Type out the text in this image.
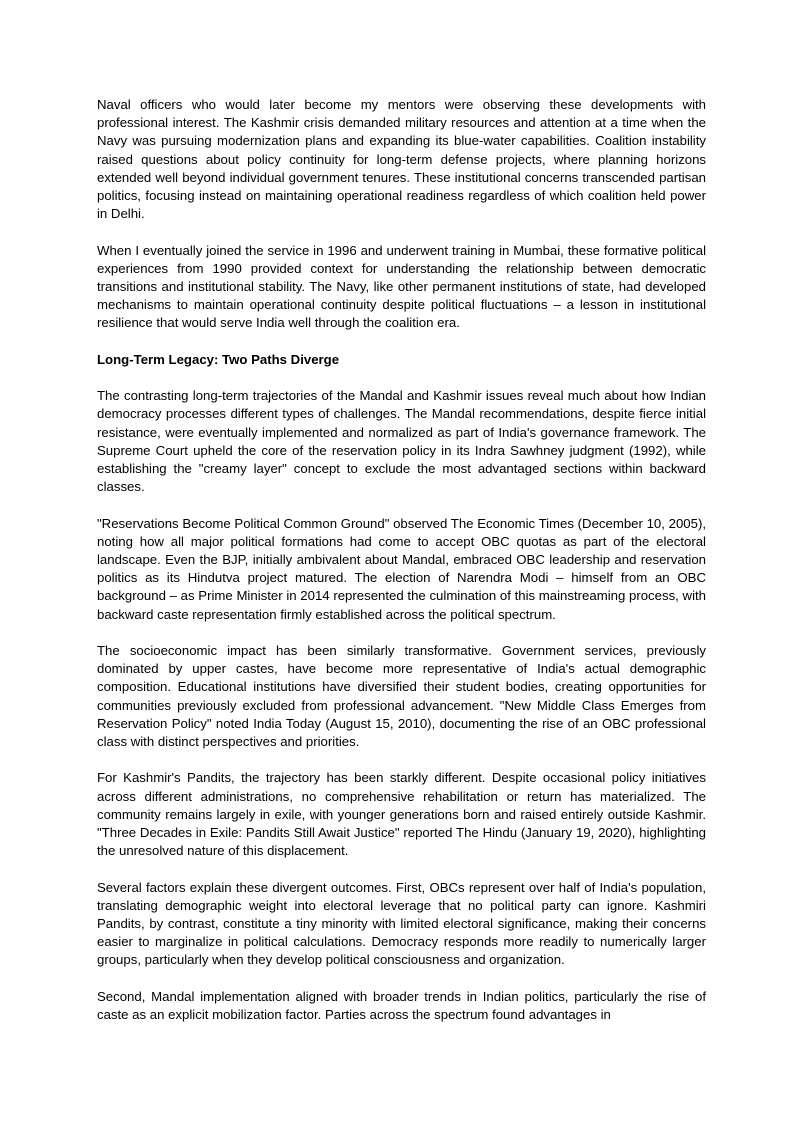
Naval officers who would later become my mentors were observing these developments with professional interest. The Kashmir crisis demanded military resources and attention at a time when the Navy was pursuing modernization plans and expanding its blue-water capabilities. Coalition instability raised questions about policy continuity for long-term defense projects, where planning horizons extended well beyond individual government tenures. These institutional concerns transcended partisan politics, focusing instead on maintaining operational readiness regardless of which coalition held power in Delhi.

When I eventually joined the service in 1996 and underwent training in Mumbai, these formative political experiences from 1990 provided context for understanding the relationship between democratic transitions and institutional stability. The Navy, like other permanent institutions of state, had developed mechanisms to maintain operational continuity despite political fluctuations – a lesson in institutional resilience that would serve India well through the coalition era.

Long-Term Legacy: Two Paths Diverge

The contrasting long-term trajectories of the Mandal and Kashmir issues reveal much about how Indian democracy processes different types of challenges. The Mandal recommendations, despite fierce initial resistance, were eventually implemented and normalized as part of India's governance framework. The Supreme Court upheld the core of the reservation policy in its Indra Sawhney judgment (1992), while establishing the "creamy layer" concept to exclude the most advantaged sections within backward classes.

"Reservations Become Political Common Ground" observed The Economic Times (December 10, 2005), noting how all major political formations had come to accept OBC quotas as part of the electoral landscape. Even the BJP, initially ambivalent about Mandal, embraced OBC leadership and reservation politics as its Hindutva project matured. The election of Narendra Modi – himself from an OBC background – as Prime Minister in 2014 represented the culmination of this mainstreaming process, with backward caste representation firmly established across the political spectrum.

The socioeconomic impact has been similarly transformative. Government services, previously dominated by upper castes, have become more representative of India's actual demographic composition. Educational institutions have diversified their student bodies, creating opportunities for communities previously excluded from professional advancement. "New Middle Class Emerges from Reservation Policy" noted India Today (August 15, 2010), documenting the rise of an OBC professional class with distinct perspectives and priorities.

For Kashmir's Pandits, the trajectory has been starkly different. Despite occasional policy initiatives across different administrations, no comprehensive rehabilitation or return has materialized. The community remains largely in exile, with younger generations born and raised entirely outside Kashmir. "Three Decades in Exile: Pandits Still Await Justice" reported The Hindu (January 19, 2020), highlighting the unresolved nature of this displacement.

Several factors explain these divergent outcomes. First, OBCs represent over half of India's population, translating demographic weight into electoral leverage that no political party can ignore. Kashmiri Pandits, by contrast, constitute a tiny minority with limited electoral significance, making their concerns easier to marginalize in political calculations. Democracy responds more readily to numerically larger groups, particularly when they develop political consciousness and organization.

Second, Mandal implementation aligned with broader trends in Indian politics, particularly the rise of caste as an explicit mobilization factor. Parties across the spectrum found advantages in
